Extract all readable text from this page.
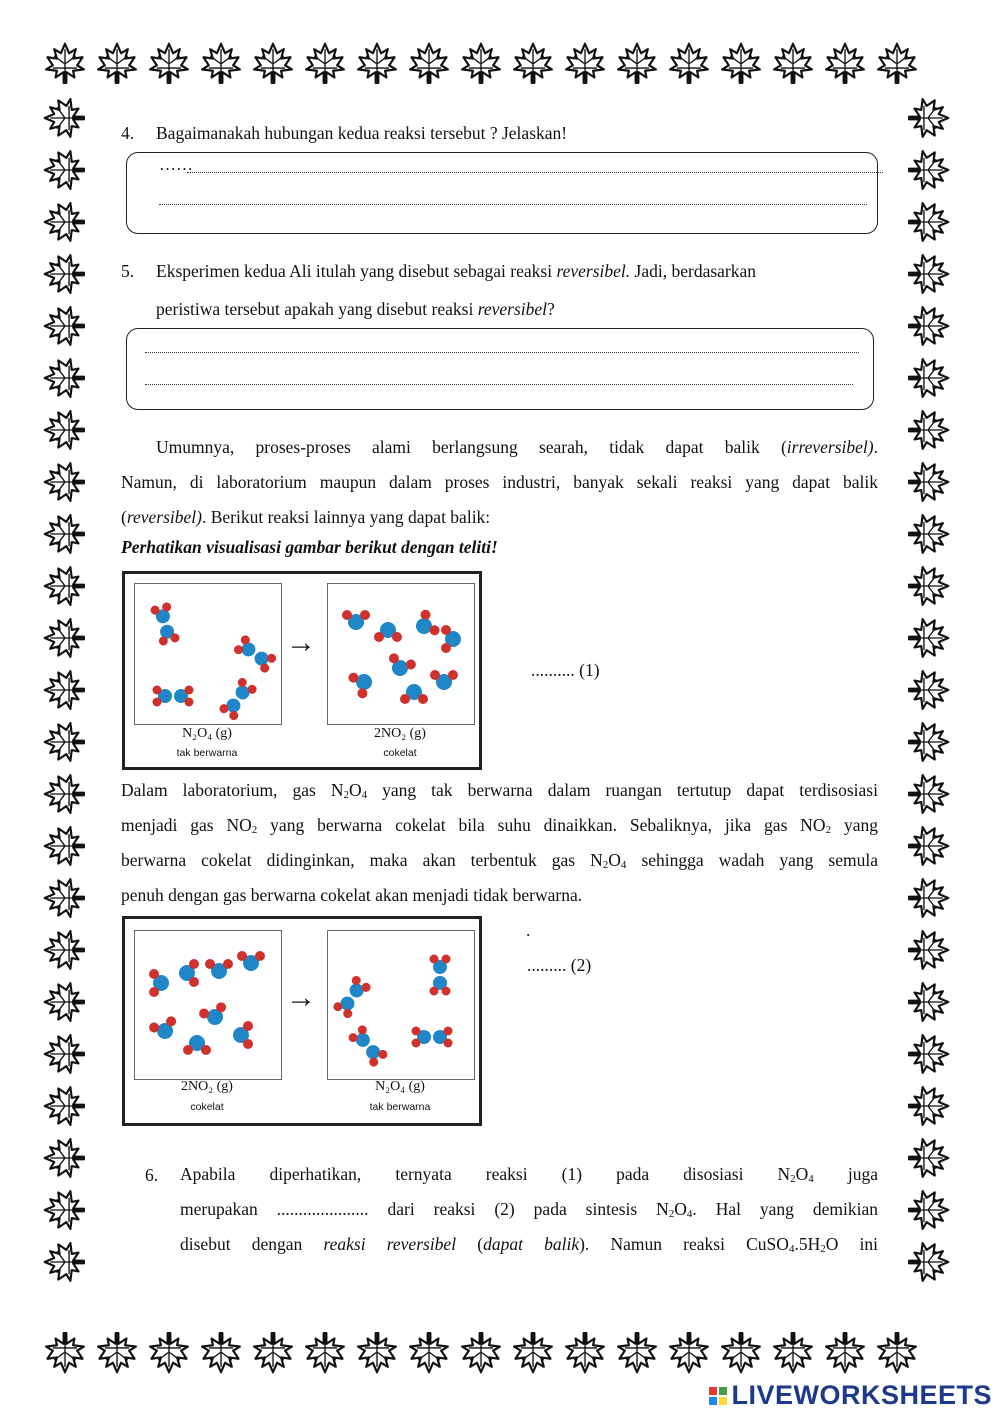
4. Bagaimanakah hubungan kedua reaksi tersebut ? Jelaskan!
……
5. Eksperimen kedua Ali itulah yang disebut sebagai reaksi reversibel. Jadi, berdasarkan
peristiwa tersebut apakah yang disebut reaksi reversibel?

Umumnya, proses-proses alami berlangsung searah, tidak dapat balik (irreversibel).

Namun, di laboratorium maupun dalam proses industri, banyak sekali reaksi yang dapat balik

(reversibel). Berikut reaksi lainnya yang dapat balik:

Perhatikan visualisasi gambar berikut dengan teliti!
N₂O₄ (g)
tak berwarna
→
2NO₂ (g)
cokelat
.......... (1)

Dalam laboratorium, gas $N_2O_4$ yang tak berwarna dalam ruangan tertutup dapat terdisosiasi

menjadi gas $NO_2$ yang berwarna cokelat bila suhu dinaikkan. Sebaliknya, jika gas $NO_2$ yang

berwarna cokelat didinginkan, maka akan terbentuk gas $N_2O_4$ sehingga wadah yang semula

penuh dengan gas berwarna cokelat akan menjadi tidak berwarna.

2NO₂ (g)
cokelat
→
N₂O₄ (g)
tak berwarna
.
......... (2)
6. Apabila diperhatikan, ternyata reaksi (1) pada disosiasi $N_2O_4$ juga

merupakan ..................... dari reaksi (2) pada sintesis $N_2O_4$. Hal yang demikian

disebut dengan reaksi reversibel (dapat balik). Namun reaksi $CuSO_4.5H_2O$ ini

LIVEWORKSHEETS
